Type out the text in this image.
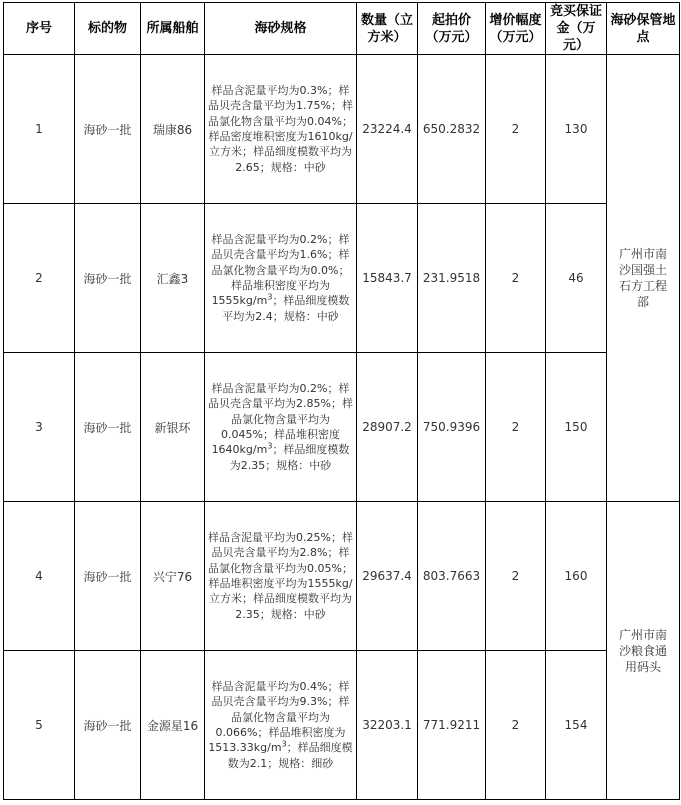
序号	标的物	所属船舶	海砂规格	数量（立方米）	起拍价（万元）	增价幅度（万元）	竞买保证金（万元）	海砂保管地点
1	海砂一批	瑞康86	样品含泥量平均为0.3%；样品贝壳含量平均为1.75%；样品氯化物含量平均为0.04%；样品密度堆积密度为1610kg/立方米；样品细度模数平均为2.65；规格：中砂	23224.4	650.2832	2	130	广州市南
沙国强土
石方工程
部

2	海砂一批	汇鑫3	样品含泥量平均为0.2%；样品贝壳含量平均为1.6%；样品氯化物含量平均为0.0%；样品堆积密度平均为$1555kg/m^3$；样品细度模数平均为2.4；规格：中砂	15843.7	231.9518	2	46	
3	海砂一批	新银环	样品含泥量平均为0.2%；样品贝壳含量平均为2.85%；样品氯化物含量平均为0.045%；样品堆积密度$1640kg/m^3$；样品细度模数为2.35；规格：中砂	28907.2	750.9396	2	150	
4	海砂一批	兴宁76	样品含泥量平均为0.25%；样品贝壳含量平均为2.8%；样品氯化物含量平均为0.05%；样品堆积密度平均为1555kg/立方米；样品细度模数平均为2.35；规格：中砂	29637.4	803.7663	2	160	广州市南
沙粮食通
用码头

5	海砂一批	金源星16	样品含泥量平均为0.4%；样品贝壳含量平均为9.3%；样品氯化物含量平均为0.066%；样品堆积密度为$1513.33kg/m^3$；样品细度模数为2.1；规格：细砂	32203.1	771.9211	2	154	
